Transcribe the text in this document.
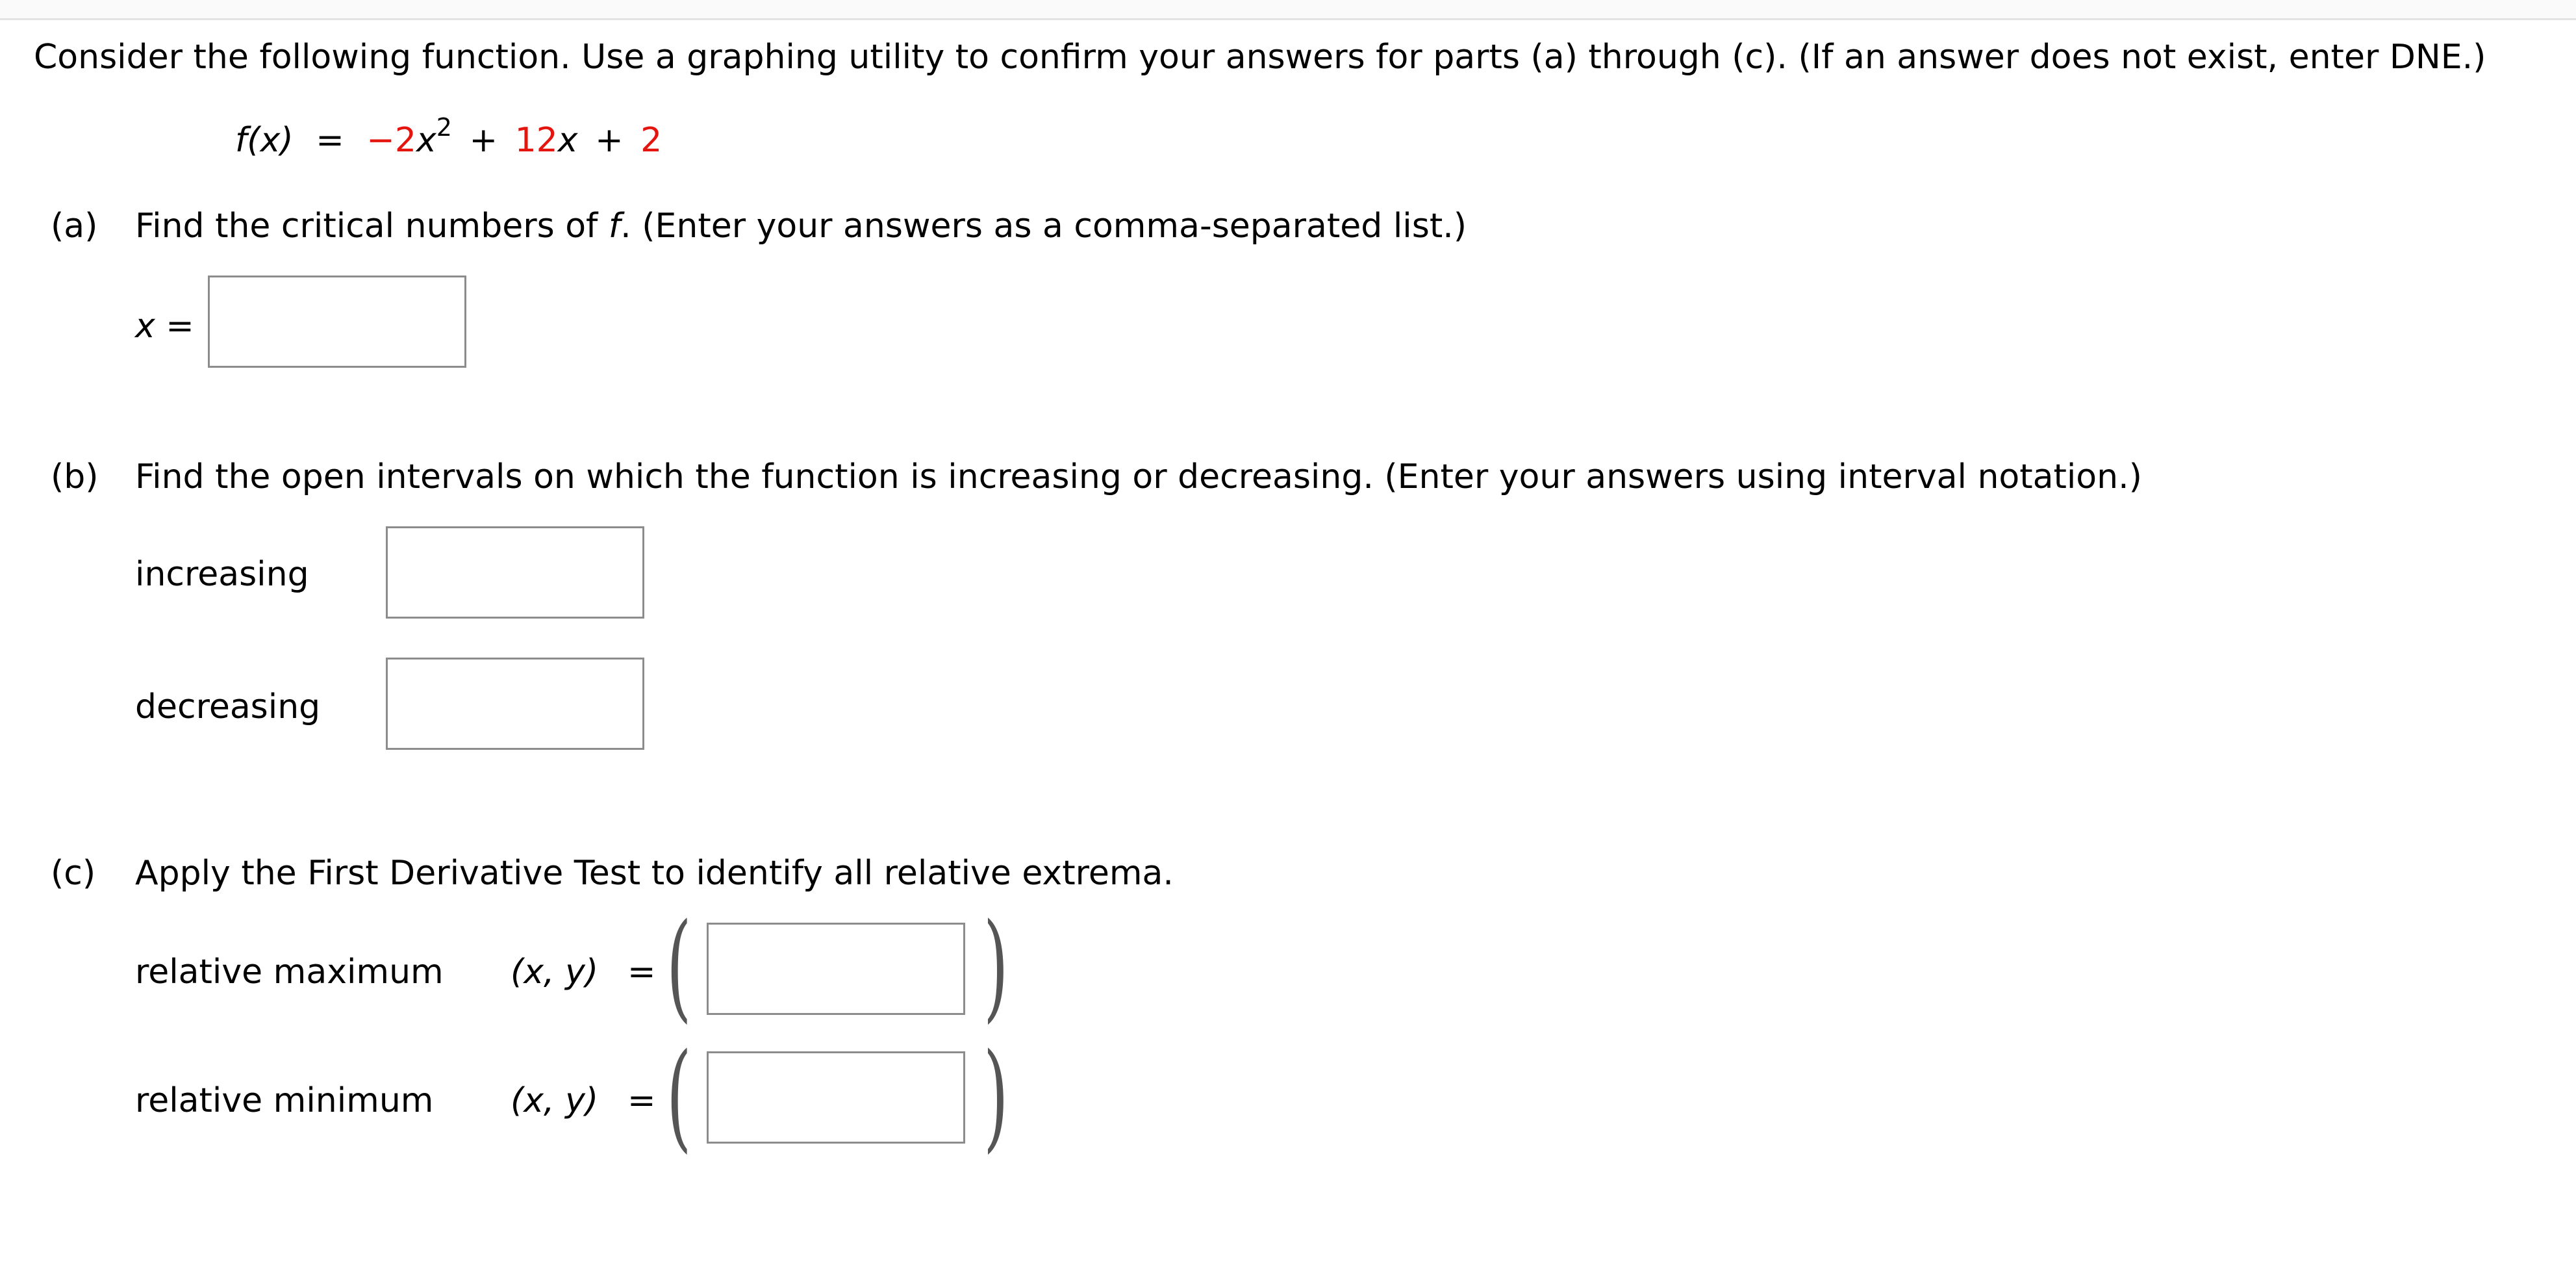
Consider the following function. Use a graphing utility to confirm your answers for parts (a) through (c). (If an answer does not exist, enter DNE.)
$f(x) = -2x^2 + 12x + 2$
(a) Find the critical numbers of f. (Enter your answers as a comma-separated list.)
x =
(b) Find the open intervals on which the function is increasing or decreasing. (Enter your answers using interval notation.)
increasing
decreasing
(c) Apply the First Derivative Test to identify all relative extrema.
relative maximum (x, y) = ( )
relative minimum (x, y) = ( )
